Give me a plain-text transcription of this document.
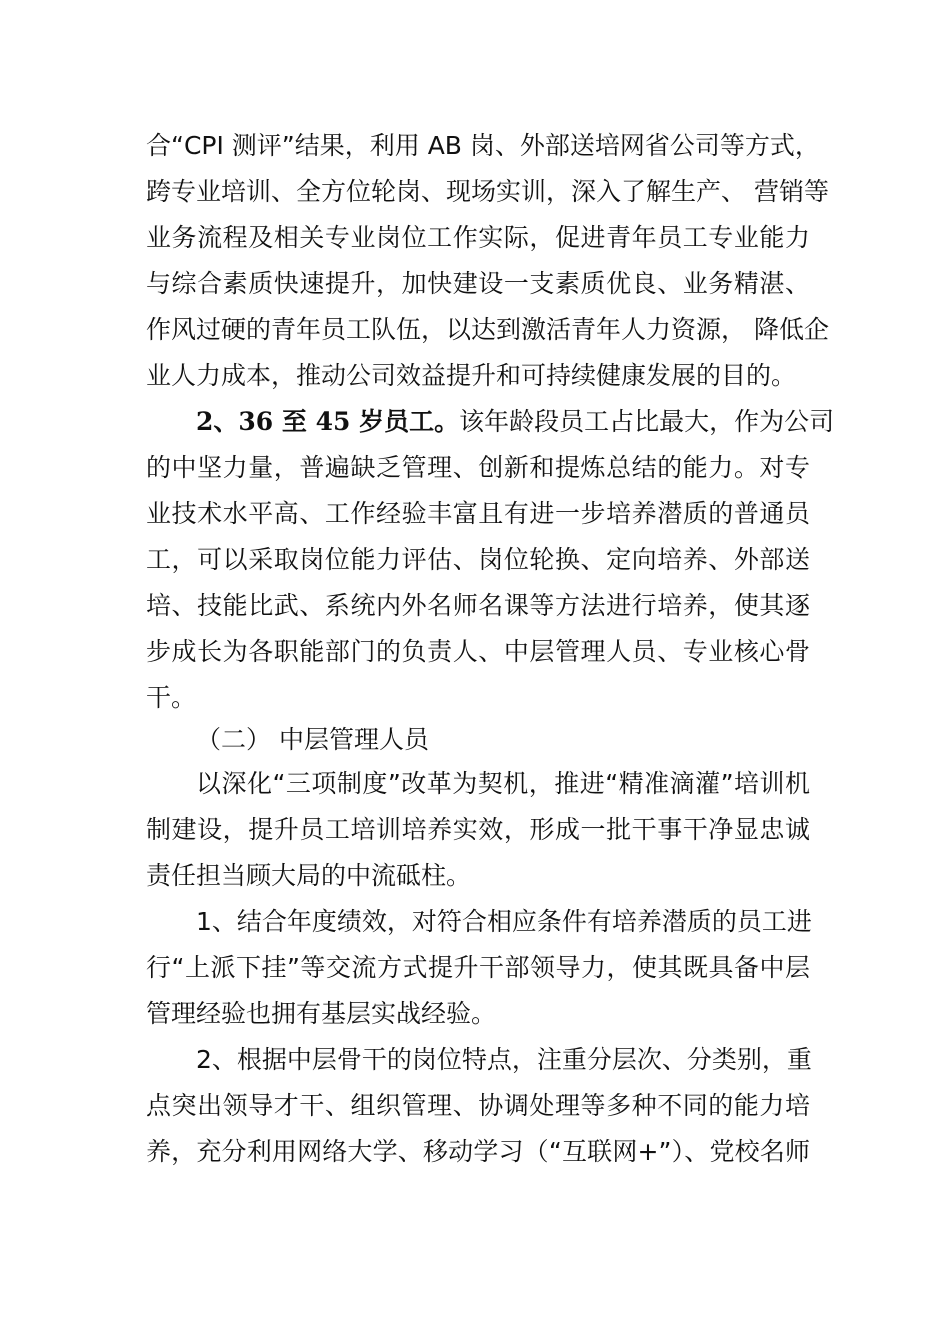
合“CPI 测评”结果，利用 AB 岗、外部送培网省公司等方式，
跨专业培训、全方位轮岗、现场实训，深入了解生产、 营销等
业务流程及相关专业岗位工作实际，促进青年员工专业能力
与综合素质快速提升，加快建设一支素质优良、业务精湛、
作风过硬的青年员工队伍，以达到激活青年人力资源， 降低企
业人力成本，推动公司效益提升和可持续健康发展的目的。
2、36 至 45 岁员工。该年龄段员工占比最大，作为公司
的中坚力量，普遍缺乏管理、创新和提炼总结的能力。对专
业技术水平高、工作经验丰富且有进一步培养潜质的普通员
工，可以采取岗位能力评估、岗位轮换、定向培养、外部送
培、技能比武、系统内外名师名课等方法进行培养，使其逐
步成长为各职能部门的负责人、中层管理人员、专业核心骨
干。
（二） 中层管理人员
以深化“三项制度”改革为契机，推进“精准滴灌”培训机
制建设，提升员工培训培养实效，形成一批干事干净显忠诚
责任担当顾大局的中流砥柱。
1、结合年度绩效，对符合相应条件有培养潜质的员工进
行“上派下挂”等交流方式提升干部领导力，使其既具备中层
管理经验也拥有基层实战经验。
2、根据中层骨干的岗位特点，注重分层次、分类别，重
点突出领导才干、组织管理、协调处理等多种不同的能力培
养，充分利用网络大学、移动学习（“互联网+”）、党校名师
